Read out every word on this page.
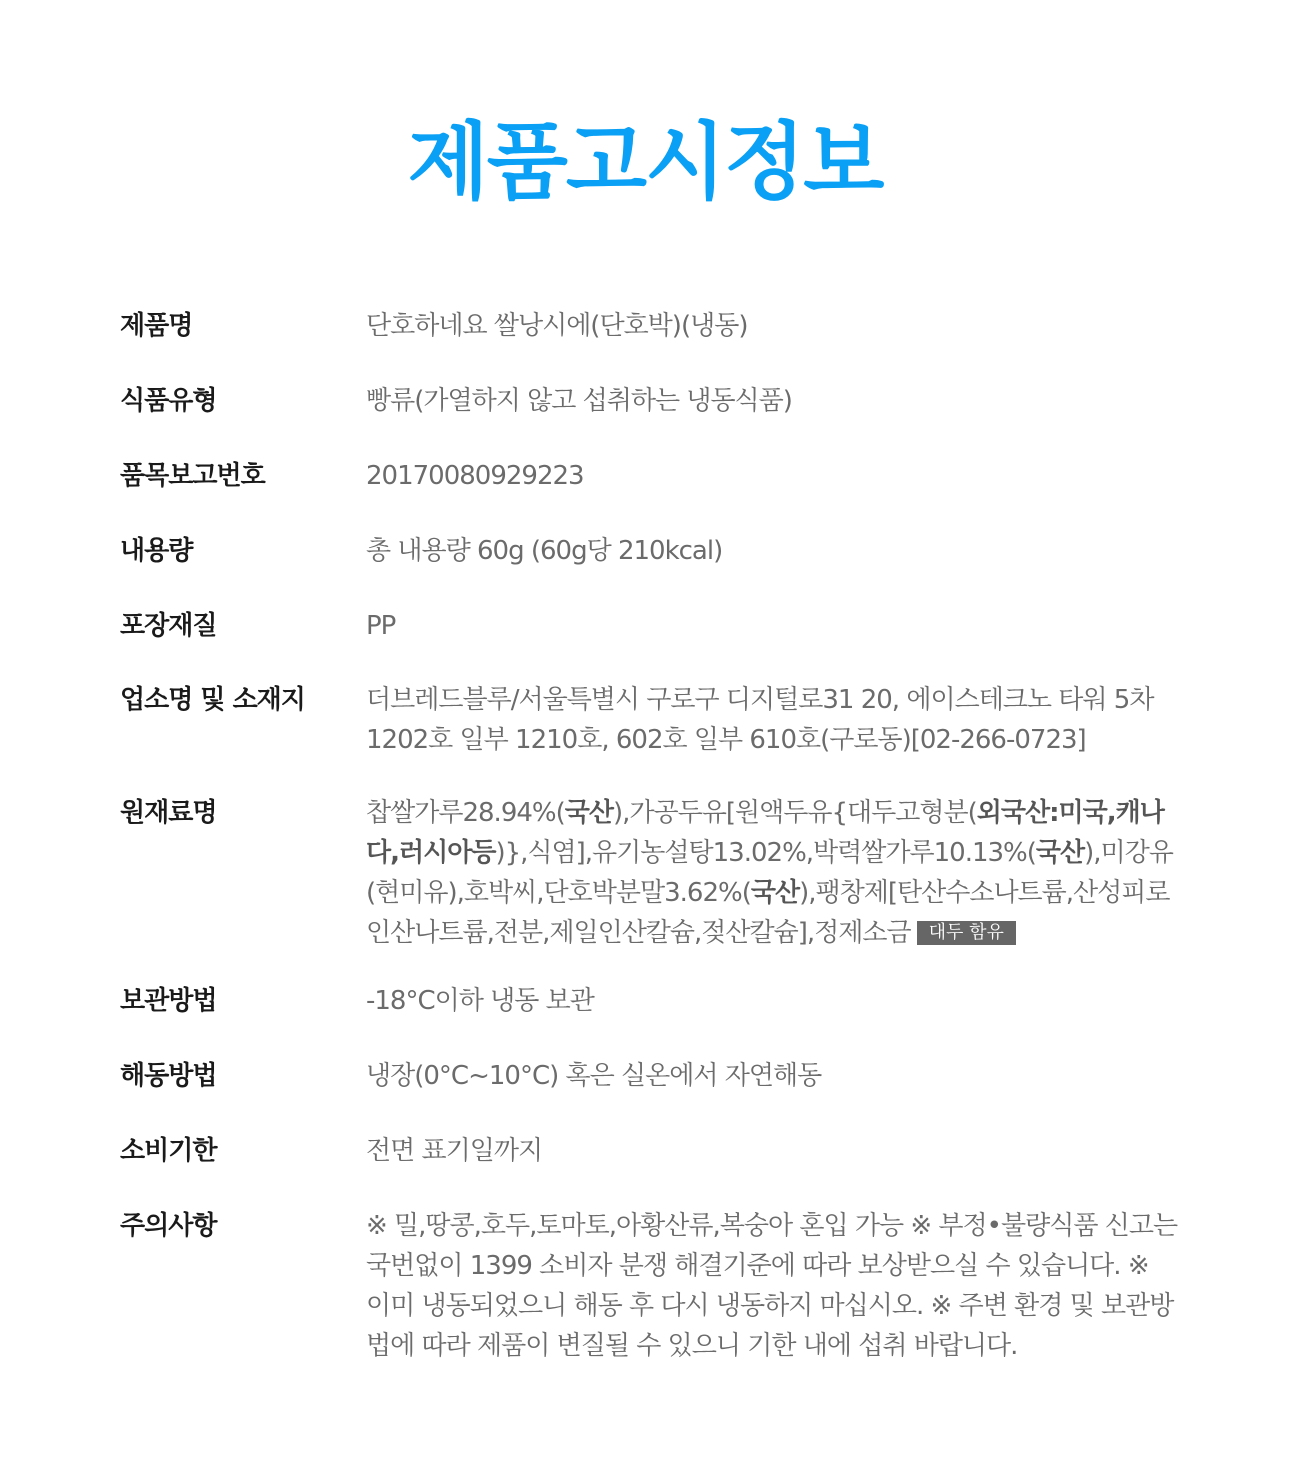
제품고시정보
제품명	단호하네요 쌀낭시에(단호박)(냉동)
식품유형	빵류(가열하지 않고 섭취하는 냉동식품)
품목보고번호	20170080929223
내용량	총 내용량 60g (60g당 210kcal)
포장재질	PP
업소명 및 소재지	더브레드블루/서울특별시 구로구 디지털로31 20, 에이스테크노 타워 5차
1202호 일부 1210호, 602호 일부 610호(구로동)[02-266-0723]
원재료명	찹쌀가루28.94%(국산),가공두유[원액두유{대두고형분(외국산:미국,캐나다,러시아등)},식염],유기농설탕13.02%,박력쌀가루10.13%(국산),미강유(현미유),호박씨,단호박분말3.62%(국산),팽창제[탄산수소나트륨,산성피로인산나트륨,전분,제일인산칼슘,젖산칼슘],정제소금 대두 함유
보관방법	-18°C이하 냉동 보관
해동방법	냉장(0°C~10°C) 혹은 실온에서 자연해동
소비기한	전면 표기일까지
주의사항	※ 밀,땅콩,호두,토마토,아황산류,복숭아 혼입 가능 ※ 부정•불량식품 신고는 국번없이 1399 소비자 분쟁 해결기준에 따라 보상받으실 수 있습니다. ※ 이미 냉동되었으니 해동 후 다시 냉동하지 마십시오. ※ 주변 환경 및 보관방법에 따라 제품이 변질될 수 있으니 기한 내에 섭취 바랍니다.
